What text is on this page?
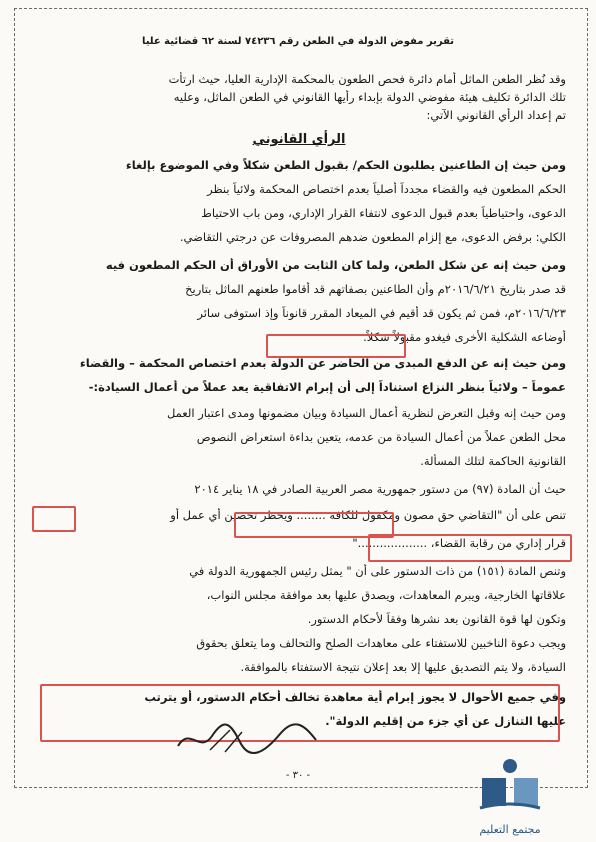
تقرير مفوض الدولة في الطعن رقم ٧٤٢٣٦ لسنة ٦٢ قضائية عليا
وقد نُظر الطعن الماثل أمام دائرة فحص الطعون بالمحكمة الإدارية العليا، حيث ارتأت
تلك الدائرة تكليف هيئة مفوضي الدولة بإبداء رأيها القانوني في الطعن الماثل، وعليه
تم إعداد الرأي القانوني الآتي:
الرأي القانوني
ومن حيث إن الطاعنين يطلبون الحكم/ بقبول الطعن شكلاً وفي الموضوع بإلغاء
الحكم المطعون فيه والقضاء مجدداً أصلياً بعدم اختصاص المحكمة ولائياً بنظر
الدعوى، واحتياطياً بعدم قبول الدعوى لانتفاء القرار الإداري، ومن باب الاحتياط
الكلي: برفض الدعوى، مع إلزام المطعون ضدهم المصروفات عن درجتي التقاضي.
ومن حيث إنه عن شكل الطعن، ولما كان الثابت من الأوراق أن الحكم المطعون فيه
قد صدر بتاريخ ٢٠١٦/٦/٢١م وأن الطاعنين بصفاتهم قد أقاموا طعنهم الماثل بتاريخ
٢٠١٦/٦/٢٣م، فمن ثم يكون قد أقيم في الميعاد المقرر قانوناً وإذ استوفى سائر
أوضاعه الشكلية الأخرى فيغدو مقبولاً شكلاً.
ومن حيث إنه عن الدفع المبدى من الحاضر عن الدولة بعدم اختصاص المحكمة – والقضاء
عموماً – ولائياً بنظر النزاع استناداً إلى أن إبرام الاتفاقية يعد عملاً من أعمال السيادة:-
ومن حيث إنه وقبل التعرض لنظرية أعمال السيادة وبيان مضمونها ومدى اعتبار العمل
محل الطعن عملاً من أعمال السيادة من عدمه، يتعين بداءة استعراض النصوص
القانونية الحاكمة لتلك المسألة.
حيث أن المادة (٩٧) من دستور جمهورية مصر العربية الصادر في ١٨ يناير ٢٠١٤
تنص على أن "التقاضي حق مصون ومكفول للكافة ........ ويحظر تحصين أي عمل أو
قرار إداري من رقابة القضاء، ..................."
وتنص المادة (١٥١) من ذات الدستور على أن " يمثل رئيس الجمهورية الدولة في
علاقاتها الخارجية، ويبرم المعاهدات، ويصدق عليها بعد موافقة مجلس النواب،
وتكون لها قوة القانون بعد نشرها وفقاً لأحكام الدستور.
ويجب دعوة الناخبين للاستفتاء على معاهدات الصلح والتحالف وما يتعلق بحقوق
السيادة، ولا يتم التصديق عليها إلا بعد إعلان نتيجة الاستفتاء بالموافقة.
وفي جميع الأحوال لا يجوز إبرام أية معاهدة تخالف أحكام الدستور، أو يترتب
عليها التنازل عن أي جزء من إقليم الدولة".
- ٣٠ -
مجتمع التعليم
